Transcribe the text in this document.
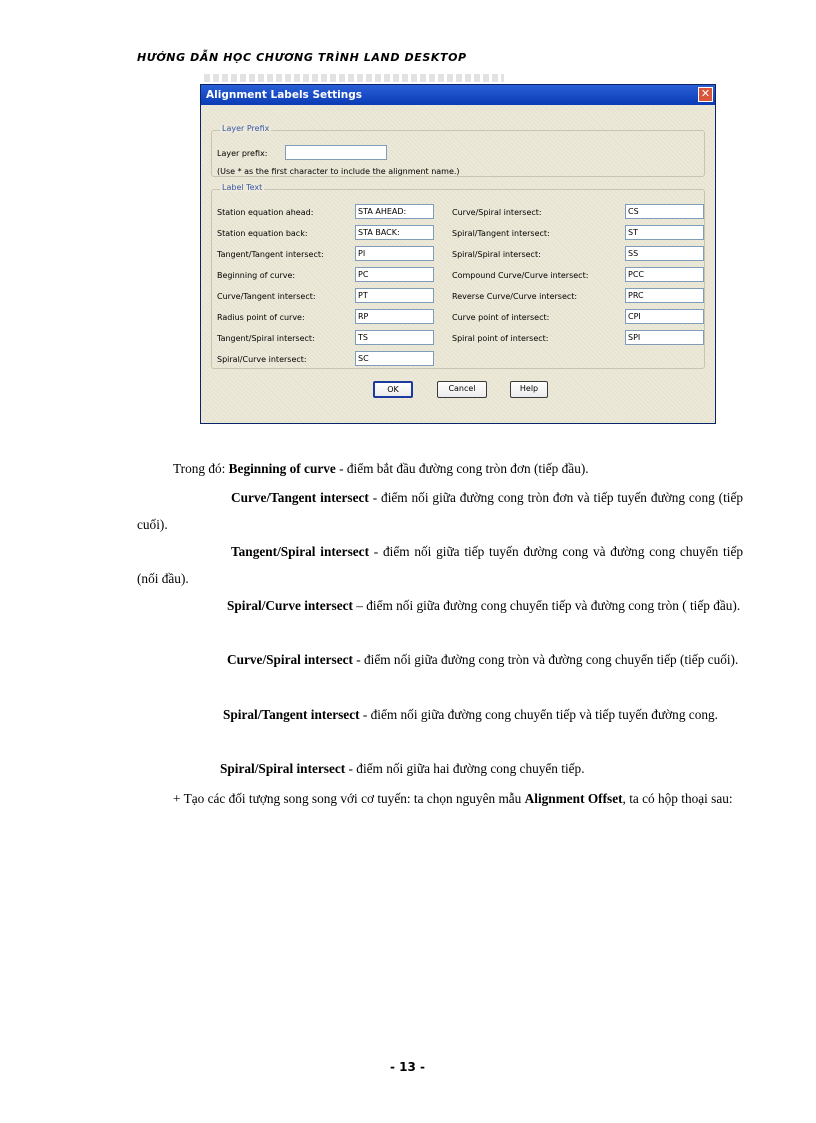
HƯỚNG DẪN HỌC CHƯƠNG TRÌNH LAND DESKTOP
Alignment Labels Settings	✕
Layer Prefix
Layer prefix:
(Use * as the first character to include the alignment name.)
Label Text
Station equation ahead:	STA AHEAD:
Station equation back:	STA BACK:
Tangent/Tangent intersect:	PI
Beginning of curve:	PC
Curve/Tangent intersect:	PT
Radius point of curve:	RP
Tangent/Spiral intersect:	TS
Spiral/Curve intersect:	SC
Curve/Spiral intersect:	CS
Spiral/Tangent intersect:	ST
Spiral/Spiral intersect:	SS
Compound Curve/Curve intersect:	PCC
Reverse Curve/Curve intersect:	PRC
Curve point of intersect:	CPI
Spiral point of intersect:	SPI
OK	Cancel	Help
Trong đó: Beginning of curve - điểm bắt đầu đường cong tròn đơn (tiếp đầu).
Curve/Tangent intersect - điểm nối giữa đường cong tròn đơn và tiếp tuyến đường cong (tiếp cuối).
Tangent/Spiral intersect - điểm nối giữa tiếp tuyến đường cong và đường cong chuyển tiếp (nối đầu).
Spiral/Curve intersect – điểm nối giữa đường cong chuyển tiếp và đường cong tròn ( tiếp đầu).
Curve/Spiral intersect - điểm nối giữa đường cong tròn và đường cong chuyển tiếp (tiếp cuối).
Spiral/Tangent intersect - điểm nối giữa đường cong chuyển tiếp và tiếp tuyến đường cong.
Spiral/Spiral intersect - điểm nối giữa hai đường cong chuyển tiếp.
+ Tạo các đối tượng song song với cơ tuyến: ta chọn nguyên mẫu Alignment Offset, ta có hộp thoại sau:
- 13 -
